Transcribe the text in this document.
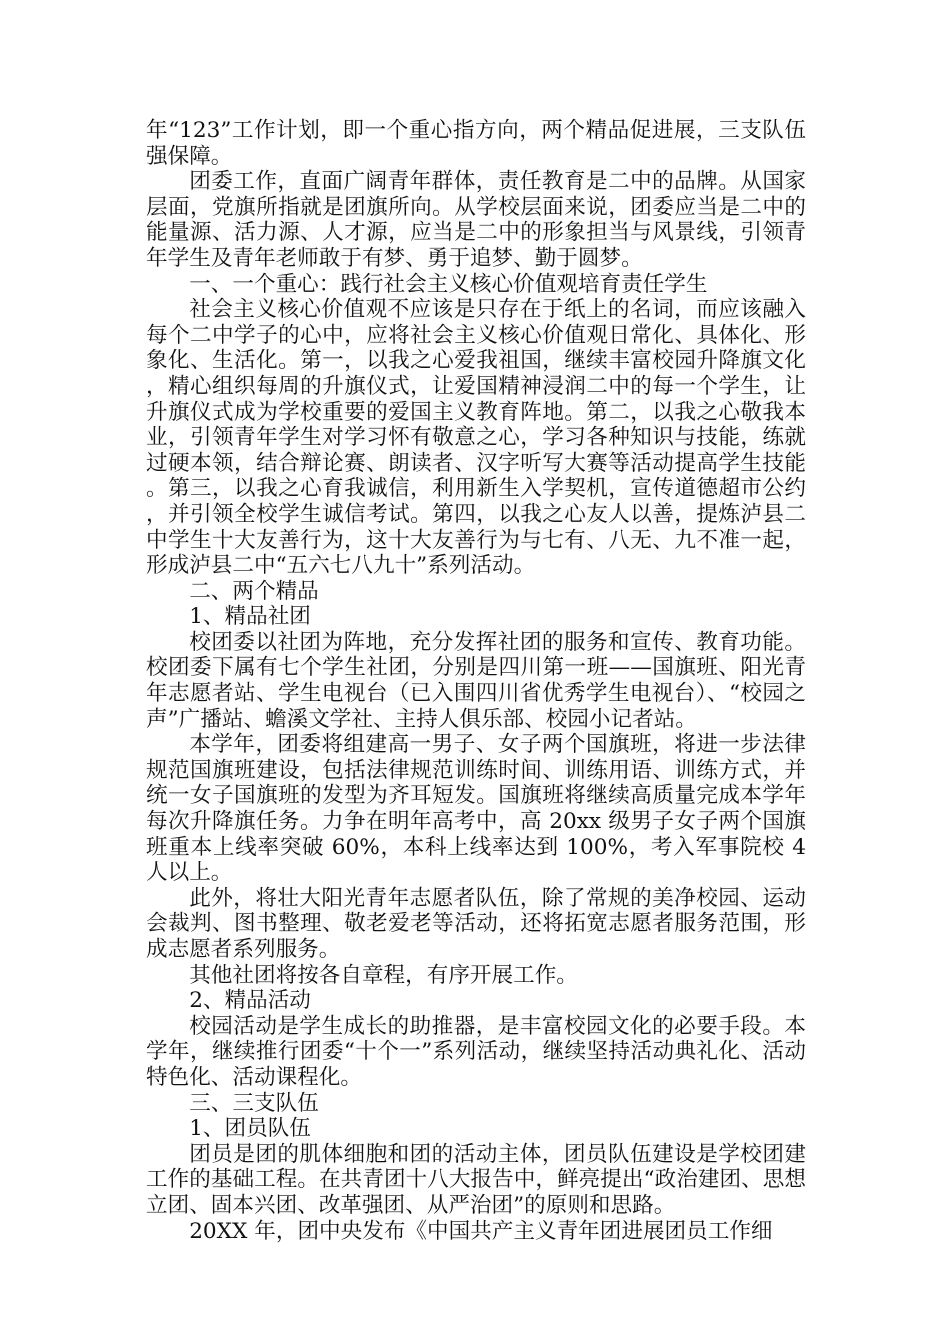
年“123”工作计划，即一个重心指方向，两个精品促进展，三支队伍强保障。

团委工作，直面广阔青年群体，责任教育是二中的品牌。从国家层面，党旗所指就是团旗所向。从学校层面来说，团委应当是二中的能量源、活力源、人才源，应当是二中的形象担当与风景线，引领青年学生及青年老师敢于有梦、勇于追梦、勤于圆梦。

一、一个重心：践行社会主义核心价值观培育责任学生

社会主义核心价值观不应该是只存在于纸上的名词，而应该融入每个二中学子的心中，应将社会主义核心价值观日常化、具体化、形象化、生活化。第一，以我之心爱我祖国，继续丰富校园升降旗文化，精心组织每周的升旗仪式，让爱国精神浸润二中的每一个学生，让升旗仪式成为学校重要的爱国主义教育阵地。第二，以我之心敬我本业，引领青年学生对学习怀有敬意之心，学习各种知识与技能，练就过硬本领，结合辩论赛、朗读者、汉字听写大赛等活动提高学生技能。第三，以我之心育我诚信，利用新生入学契机，宣传道德超市公约，并引领全校学生诚信考试。第四，以我之心友人以善，提炼泸县二中学生十大友善行为，这十大友善行为与七有、八无、九不准一起，形成泸县二中“五六七八九十”系列活动。

二、两个精品

1、精品社团

校团委以社团为阵地，充分发挥社团的服务和宣传、教育功能。校团委下属有七个学生社团，分别是四川第一班——国旗班、阳光青年志愿者站、学生电视台（已入围四川省优秀学生电视台）、“校园之声”广播站、蟾溪文学社、主持人俱乐部、校园小记者站。

本学年，团委将组建高一男子、女子两个国旗班，将进一步法律规范国旗班建设，包括法律规范训练时间、训练用语、训练方式，并统一女子国旗班的发型为齐耳短发。国旗班将继续高质量完成本学年每次升降旗任务。力争在明年高考中，高 20xx 级男子女子两个国旗班重本上线率突破 60%，本科上线率达到 100%，考入军事院校 4 人以上。

此外，将壮大阳光青年志愿者队伍，除了常规的美净校园、运动会裁判、图书整理、敬老爱老等活动，还将拓宽志愿者服务范围，形成志愿者系列服务。

其他社团将按各自章程，有序开展工作。

2、精品活动

校园活动是学生成长的助推器，是丰富校园文化的必要手段。本学年，继续推行团委“十个一”系列活动，继续坚持活动典礼化、活动特色化、活动课程化。

三、三支队伍

1、团员队伍

团员是团的肌体细胞和团的活动主体，团员队伍建设是学校团建工作的基础工程。在共青团十八大报告中，鲜亮提出“政治建团、思想立团、固本兴团、改革强团、从严治团”的原则和思路。

20XX 年，团中央发布《中国共产主义青年团进展团员工作细
